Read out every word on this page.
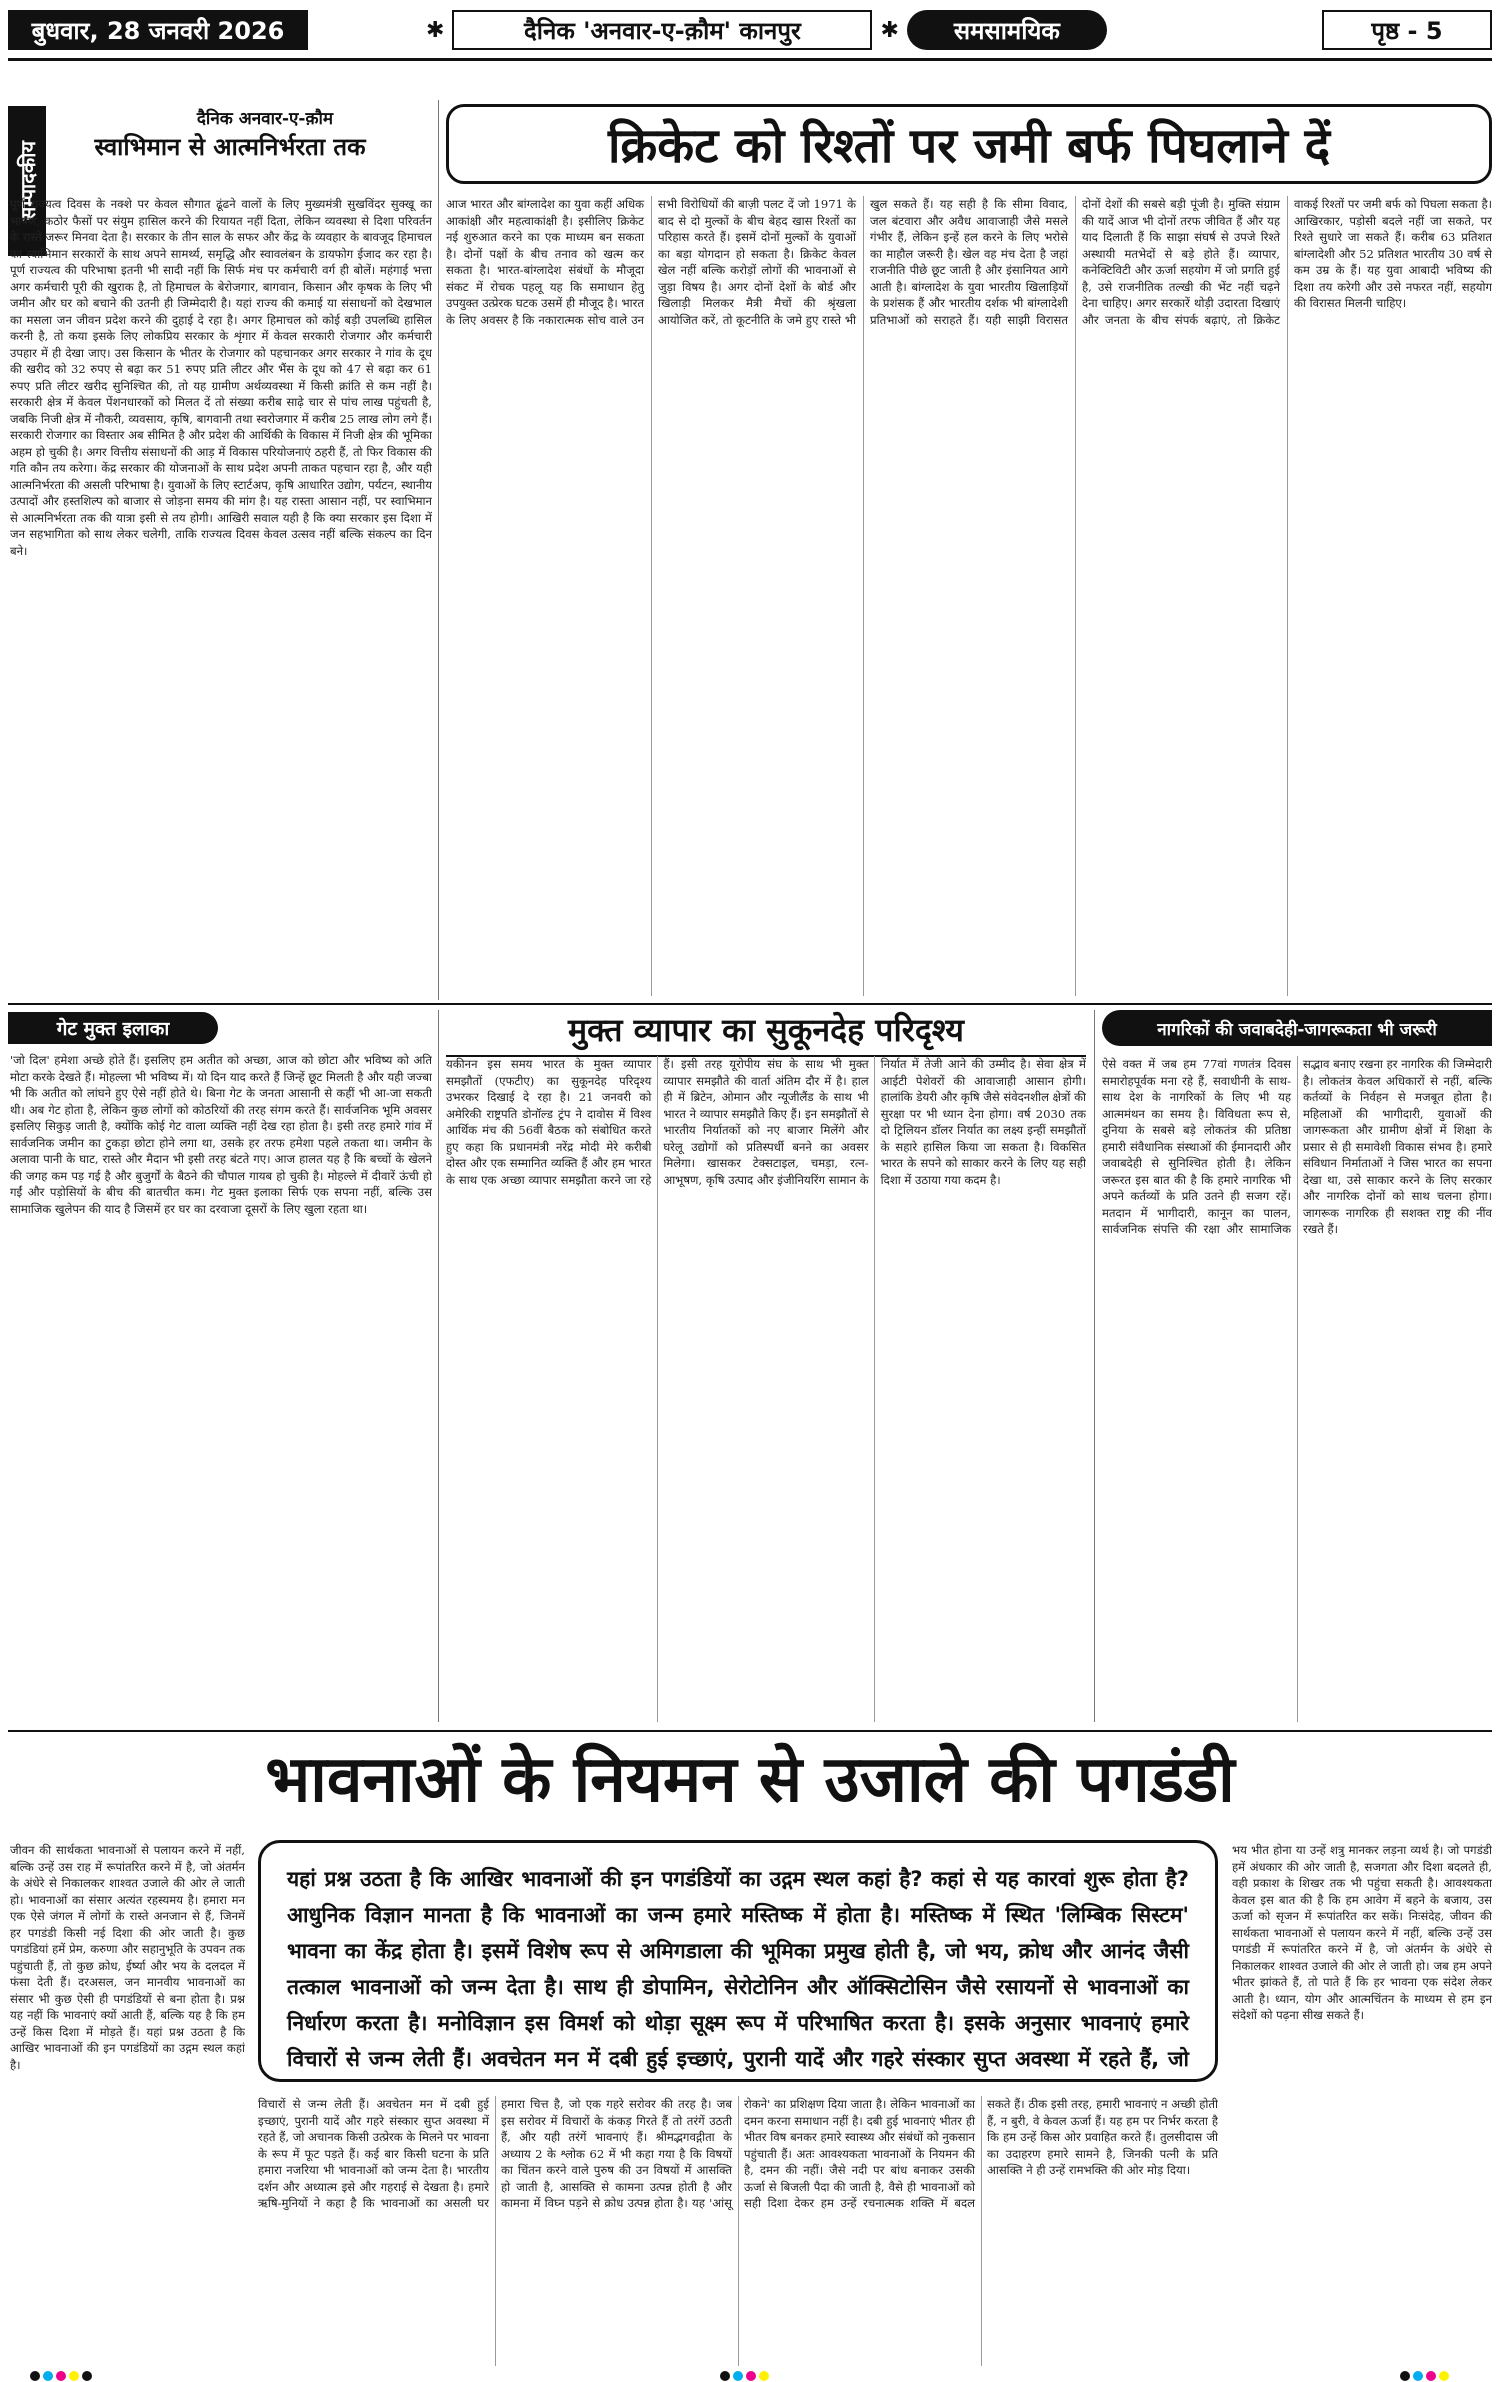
बुधवार, 28 जनवरी 2026	✱	दैनिक 'अनवार-ए-क़ौम' कानपुर	✱	समसामयिक	पृष्ठ - 5
सम्पादकीय
दैनिक अनवार-ए-क़ौम
स्वाभिमान से आत्मनिर्भरता तक
पूर्ण राज्यत्व दिवस के नक्शे पर केवल सौगात ढूंढने वालों के लिए मुख्यमंत्री सुखविंदर सुक्खू का भाषण, कठोर फैसों पर संयुम हासिल करने की रियायत नहीं दिता, लेकिन व्यवस्था से दिशा परिवर्तन के रास्ते जरूर मिनवा देता है। सरकार के तीन साल के सफर और केंद्र के व्यवहार के बावजूद हिमाचल का स्वाभिमान सरकारों के साथ अपने सामर्थ्य, समृद्धि और स्वावलंबन के डायफोग ईजाद कर रहा है। पूर्ण राज्यत्व की परिभाषा इतनी भी सादी नहीं कि सिर्फ मंच पर कर्मचारी वर्ग ही बोलें। महंगाई भत्ता अगर कर्मचारी पूरी की खुराक है, तो हिमाचल के बेरोजगार, बागवान, किसान और कृषक के लिए भी जमीन और घर को बचाने की उतनी ही जिम्मेदारी है। यहां राज्य की कमाई या संसाधनों को देखभाल का मसला जन जीवन प्रदेश करने की दुहाई दे रहा है। अगर हिमाचल को कोई बड़ी उपलब्धि हासिल करनी है, तो कया इसके लिए लोकप्रिय सरकार के शृंगार में केवल सरकारी रोजगार और कर्मचारी उपहार में ही देखा जाए। उस किसान के भीतर के रोजगार को पहचानकर अगर सरकार ने गांव के दूध की खरीद को 32 रुपए से बढ़ा कर 51 रुपए प्रति लीटर और भैंस के दूध को 47 से बढ़ा कर 61 रुपए प्रति लीटर खरीद सुनिश्चित की, तो यह ग्रामीण अर्थव्यवस्था में किसी क्रांति से कम नहीं है। सरकारी क्षेत्र में केवल पेंशनधारकों को मिलत दें तो संख्या करीब साढ़े चार से पांच लाख पहुंचती है, जबकि निजी क्षेत्र में नौकरी, व्यवसाय, कृषि, बागवानी तथा स्वरोजगार में करीब 25 लाख लोग लगे हैं। सरकारी रोजगार का विस्तार अब सीमित है और प्रदेश की आर्थिकी के विकास में निजी क्षेत्र की भूमिका अहम हो चुकी है। अगर वित्तीय संसाधनों की आड़ में विकास परियोजनाएं ठहरी हैं, तो फिर विकास की गति कौन तय करेगा। केंद्र सरकार की योजनाओं के साथ प्रदेश अपनी ताकत पहचान रहा है, और यही आत्मनिर्भरता की असली परिभाषा है। युवाओं के लिए स्टार्टअप, कृषि आधारित उद्योग, पर्यटन, स्थानीय उत्पादों और हस्तशिल्प को बाजार से जोड़ना समय की मांग है। यह रास्ता आसान नहीं, पर स्वाभिमान से आत्मनिर्भरता तक की यात्रा इसी से तय होगी। आखिरी सवाल यही है कि क्या सरकार इस दिशा में जन सहभागिता को साथ लेकर चलेगी, ताकि राज्यत्व दिवस केवल उत्सव नहीं बल्कि संकल्प का दिन बने।
क्रिकेट को रिश्तों पर जमी बर्फ पिघलाने दें
आज भारत और बांग्लादेश का युवा कहीं अधिक आकांक्षी और महत्वाकांक्षी है। इसीलिए क्रिकेट नई शुरुआत करने का एक माध्यम बन सकता है। दोनों पक्षों के बीच तनाव को खत्म कर सकता है। भारत-बांग्लादेश संबंधों के मौजूदा संकट में रोचक पहलू यह कि समाधान हेतु उपयुक्त उत्प्रेरक घटक उसमें ही मौजूद है। भारत के लिए अवसर है कि नकारात्मक सोच वाले उन सभी विरोधियों की बाज़ी पलट दें जो 1971 के बाद से दो मुल्कों के बीच बेहद खास रिश्तों का परिहास करते हैं। इसमें दोनों मुल्कों के युवाओं का बड़ा योगदान हो सकता है। क्रिकेट केवल खेल नहीं बल्कि करोड़ों लोगों की भावनाओं से जुड़ा विषय है। अगर दोनों देशों के बोर्ड और खिलाड़ी मिलकर मैत्री मैचों की श्रृंखला आयोजित करें, तो कूटनीति के जमे हुए रास्ते भी खुल सकते हैं। यह सही है कि सीमा विवाद, जल बंटवारा और अवैध आवाजाही जैसे मसले गंभीर हैं, लेकिन इन्हें हल करने के लिए भरोसे का माहौल जरूरी है। खेल वह मंच देता है जहां राजनीति पीछे छूट जाती है और इंसानियत आगे आती है। बांग्लादेश के युवा भारतीय खिलाड़ियों के प्रशंसक हैं और भारतीय दर्शक भी बांग्लादेशी प्रतिभाओं को सराहते हैं। यही साझी विरासत दोनों देशों की सबसे बड़ी पूंजी है। मुक्ति संग्राम की यादें आज भी दोनों तरफ जीवित हैं और यह याद दिलाती हैं कि साझा संघर्ष से उपजे रिश्ते अस्थायी मतभेदों से बड़े होते हैं। व्यापार, कनेक्टिविटी और ऊर्जा सहयोग में जो प्रगति हुई है, उसे राजनीतिक तल्खी की भेंट नहीं चढ़ने देना चाहिए। अगर सरकारें थोड़ी उदारता दिखाएं और जनता के बीच संपर्क बढ़ाएं, तो क्रिकेट वाकई रिश्तों पर जमी बर्फ को पिघला सकता है। आखिरकार, पड़ोसी बदले नहीं जा सकते, पर रिश्ते सुधारे जा सकते हैं। करीब 63 प्रतिशत बांग्लादेशी और 52 प्रतिशत भारतीय 30 वर्ष से कम उम्र के हैं। यह युवा आबादी भविष्य की दिशा तय करेगी और उसे नफरत नहीं, सहयोग की विरासत मिलनी चाहिए।
गेट मुक्त इलाका
'जो दिल' हमेशा अच्छे होते हैं। इसलिए हम अतीत को अच्छा, आज को छोटा और भविष्य को अति मोटा करके देखते हैं। मोहल्ला भी भविष्य में। यो दिन याद करते हैं जिन्हें छूट मिलती है और यही जज्बा भी कि अतीत को लांघने हुए ऐसे नहीं होते थे। बिना गेट के जनता आसानी से कहीं भी आ-जा सकती थी। अब गेट होता है, लेकिन कुछ लोगों को कोठरियों की तरह संगम करते हैं। सार्वजनिक भूमि अवसर इसलिए सिकुड़ जाती है, क्योंकि कोई गेट वाला व्यक्ति नहीं देख रहा होता है। इसी तरह हमारे गांव में सार्वजनिक जमीन का टुकड़ा छोटा होने लगा था, उसके हर तरफ हमेशा पहले तकता था। जमीन के अलावा पानी के घाट, रास्ते और मैदान भी इसी तरह बंटते गए। आज हालत यह है कि बच्चों के खेलने की जगह कम पड़ गई है और बुजुर्गों के बैठने की चौपाल गायब हो चुकी है। मोहल्ले में दीवारें ऊंची हो गईं और पड़ोसियों के बीच की बातचीत कम। गेट मुक्त इलाका सिर्फ एक सपना नहीं, बल्कि उस सामाजिक खुलेपन की याद है जिसमें हर घर का दरवाजा दूसरों के लिए खुला रहता था।
मुक्त व्यापार का सुकूनदेह परिदृश्य
यकीनन इस समय भारत के मुक्त व्यापार समझौतों (एफटीए) का सुकूनदेह परिदृश्य उभरकर दिखाई दे रहा है। 21 जनवरी को अमेरिकी राष्ट्रपति डोनॉल्ड ट्रंप ने दावोस में विश्व आर्थिक मंच की 56वीं बैठक को संबोधित करते हुए कहा कि प्रधानमंत्री नरेंद्र मोदी मेरे करीबी दोस्त और एक सम्मानित व्यक्ति हैं और हम भारत के साथ एक अच्छा व्यापार समझौता करने जा रहे हैं। इसी तरह यूरोपीय संघ के साथ भी मुक्त व्यापार समझौते की वार्ता अंतिम दौर में है। हाल ही में ब्रिटेन, ओमान और न्यूजीलैंड के साथ भी भारत ने व्यापार समझौते किए हैं। इन समझौतों से भारतीय निर्यातकों को नए बाजार मिलेंगे और घरेलू उद्योगों को प्रतिस्पर्धी बनने का अवसर मिलेगा। खासकर टेक्सटाइल, चमड़ा, रत्न-आभूषण, कृषि उत्पाद और इंजीनियरिंग सामान के निर्यात में तेजी आने की उम्मीद है। सेवा क्षेत्र में आईटी पेशेवरों की आवाजाही आसान होगी। हालांकि डेयरी और कृषि जैसे संवेदनशील क्षेत्रों की सुरक्षा पर भी ध्यान देना होगा। वर्ष 2030 तक दो ट्रिलियन डॉलर निर्यात का लक्ष्य इन्हीं समझौतों के सहारे हासिल किया जा सकता है। विकसित भारत के सपने को साकार करने के लिए यह सही दिशा में उठाया गया कदम है।
नागरिकों की जवाबदेही-जागरूकता भी जरूरी
ऐसे वक्त में जब हम 77वां गणतंत्र दिवस समारोहपूर्वक मना रहे हैं, सवाधीनी के साथ-साथ देश के नागरिकों के लिए भी यह आत्ममंथन का समय है। विविधता रूप से, दुनिया के सबसे बड़े लोकतंत्र की प्रतिष्ठा हमारी संवैधानिक संस्थाओं की ईमानदारी और जवाबदेही से सुनिश्चित होती है। लेकिन जरूरत इस बात की है कि हमारे नागरिक भी अपने कर्तव्यों के प्रति उतने ही सजग रहें। मतदान में भागीदारी, कानून का पालन, सार्वजनिक संपत्ति की रक्षा और सामाजिक सद्भाव बनाए रखना हर नागरिक की जिम्मेदारी है। लोकतंत्र केवल अधिकारों से नहीं, बल्कि कर्तव्यों के निर्वहन से मजबूत होता है। महिलाओं की भागीदारी, युवाओं की जागरूकता और ग्रामीण क्षेत्रों में शिक्षा के प्रसार से ही समावेशी विकास संभव है। हमारे संविधान निर्माताओं ने जिस भारत का सपना देखा था, उसे साकार करने के लिए सरकार और नागरिक दोनों को साथ चलना होगा। जागरूक नागरिक ही सशक्त राष्ट्र की नींव रखते हैं।
भावनाओं के नियमन से उजाले की पगडंडी
जीवन की सार्थकता भावनाओं से पलायन करने में नहीं, बल्कि उन्हें उस राह में रूपांतरित करने में है, जो अंतर्मन के अंधेरे से निकालकर शाश्वत उजाले की ओर ले जाती हो। भावनाओं का संसार अत्यंत रहस्यमय है। हमारा मन एक ऐसे जंगल में लोगों के रास्ते अनजान से हैं, जिनमें हर पगडंडी किसी नई दिशा की ओर जाती है। कुछ पगडंडियां हमें प्रेम, करुणा और सहानुभूति के उपवन तक पहुंचाती हैं, तो कुछ क्रोध, ईर्ष्या और भय के दलदल में फंसा देती हैं। दरअसल, जन मानवीय भावनाओं का संसार भी कुछ ऐसी ही पगडंडियों से बना होता है। प्रश्न यह नहीं कि भावनाएं क्यों आती हैं, बल्कि यह है कि हम उन्हें किस दिशा में मोड़ते हैं। यहां प्रश्न उठता है कि आखिर भावनाओं की इन पगडंडियों का उद्गम स्थल कहां है।
यहां प्रश्न उठता है कि आखिर भावनाओं की इन पगडंडियों का उद्गम स्थल कहां है? कहां से यह कारवां शुरू होता है? आधुनिक विज्ञान मानता है कि भावनाओं का जन्म हमारे मस्तिष्क में होता है। मस्तिष्क में स्थित 'लिम्बिक सिस्टम' भावना का केंद्र होता है। इसमें विशेष रूप से अमिगडाला की भूमिका प्रमुख होती है, जो भय, क्रोध और आनंद जैसी तत्काल भावनाओं को जन्म देता है। साथ ही डोपामिन, सेरोटोनिन और ऑक्सिटोसिन जैसे रसायनों से भावनाओं का निर्धारण करता है। मनोविज्ञान इस विमर्श को थोड़ा सूक्ष्म रूप में परिभाषित करता है। इसके अनुसार भावनाएं हमारे विचारों से जन्म लेती हैं। अवचेतन मन में दबी हुई इच्छाएं, पुरानी यादें और गहरे संस्कार सुप्त अवस्था में रहते हैं, जो
भय भीत होना या उन्हें शत्रु मानकर लड़ना व्यर्थ है। जो पगडंडी हमें अंधकार की ओर जाती है, सजगता और दिशा बदलते ही, वही प्रकाश के शिखर तक भी पहुंचा सकती है। आवश्यकता केवल इस बात की है कि हम आवेग में बहने के बजाय, उस ऊर्जा को सृजन में रूपांतरित कर सकें। निःसंदेह, जीवन की सार्थकता भावनाओं से पलायन करने में नहीं, बल्कि उन्हें उस पगडंडी में रूपांतरित करने में है, जो अंतर्मन के अंधेरे से निकालकर शाश्वत उजाले की ओर ले जाती हो। जब हम अपने भीतर झांकते हैं, तो पाते हैं कि हर भावना एक संदेश लेकर आती है। ध्यान, योग और आत्मचिंतन के माध्यम से हम इन संदेशों को पढ़ना सीख सकते हैं।
विचारों से जन्म लेती हैं। अवचेतन मन में दबी हुई इच्छाएं, पुरानी यादें और गहरे संस्कार सुप्त अवस्था में रहते हैं, जो अचानक किसी उत्प्रेरक के मिलने पर भावना के रूप में फूट पड़ते हैं। कई बार किसी घटना के प्रति हमारा नजरिया भी भावनाओं को जन्म देता है। भारतीय दर्शन और अध्यात्म इसे और गहराई से देखता है। हमारे ऋषि-मुनियों ने कहा है कि भावनाओं का असली घर हमारा चित्त है, जो एक गहरे सरोवर की तरह है। जब इस सरोवर में विचारों के कंकड़ गिरते हैं तो तरंगें उठती हैं, और यही तरंगें भावनाएं हैं। श्रीमद्भगवद्गीता के अध्याय 2 के श्लोक 62 में भी कहा गया है कि विषयों का चिंतन करने वाले पुरुष की उन विषयों में आसक्ति हो जाती है, आसक्ति से कामना उत्पन्न होती है और कामना में विघ्न पड़ने से क्रोध उत्पन्न होता है। यह 'आंसू रोकने' का प्रशिक्षण दिया जाता है। लेकिन भावनाओं का दमन करना समाधान नहीं है। दबी हुई भावनाएं भीतर ही भीतर विष बनकर हमारे स्वास्थ्य और संबंधों को नुकसान पहुंचाती हैं। अतः आवश्यकता भावनाओं के नियमन की है, दमन की नहीं। जैसे नदी पर बांध बनाकर उसकी ऊर्जा से बिजली पैदा की जाती है, वैसे ही भावनाओं को सही दिशा देकर हम उन्हें रचनात्मक शक्ति में बदल सकते हैं। ठीक इसी तरह, हमारी भावनाएं न अच्छी होती हैं, न बुरी, वे केवल ऊर्जा हैं। यह हम पर निर्भर करता है कि हम उन्हें किस ओर प्रवाहित करते हैं। तुलसीदास जी का उदाहरण हमारे सामने है, जिनकी पत्नी के प्रति आसक्ति ने ही उन्हें रामभक्ति की ओर मोड़ दिया।
